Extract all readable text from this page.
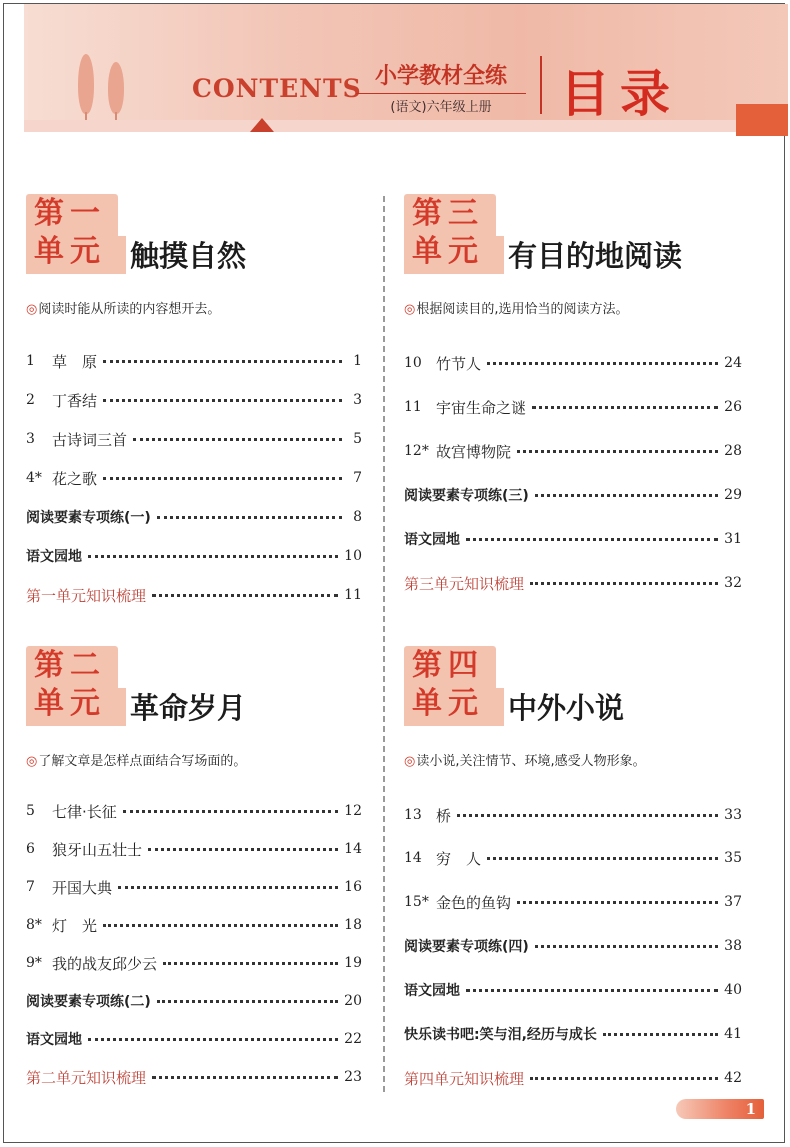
CONTENTS 小学教材全练
(语文)六年级上册	目录
第一
单元 触摸自然
◎阅读时能从所读的内容想开去。
1	草　原	1
2	丁香结	3
3	古诗词三首	5
4* 花之歌	7
阅读要素专项练(一)	8
语文园地	10
第一单元知识梳理	11
第二
单元 革命岁月
◎了解文章是怎样点面结合写场面的。
5	七律·长征	12
6	狼牙山五壮士	14
7	开国大典	16
8* 灯　光	18
9* 我的战友邱少云	19
阅读要素专项练(二)	20
语文园地	22
第二单元知识梳理	23
第三
单元 有目的地阅读
◎根据阅读目的,选用恰当的阅读方法。
10 竹节人	24
11 宇宙生命之谜	26
12* 故宫博物院	28
阅读要素专项练(三)	29
语文园地	31
第三单元知识梳理	32
第四
单元 中外小说
◎读小说,关注情节、环境,感受人物形象。
13 桥	33
14 穷　人	35
15* 金色的鱼钩	37
阅读要素专项练(四)	38
语文园地	40
快乐读书吧:笑与泪,经历与成长	41
第四单元知识梳理	42
1
